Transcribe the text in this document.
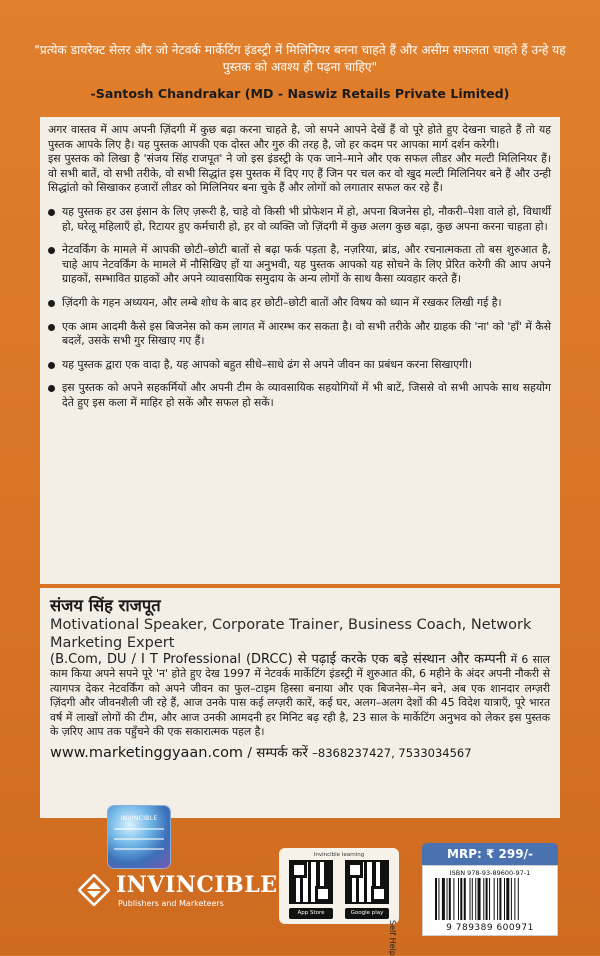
"प्रत्येक डायरेक्ट सेलर और जो नेटवर्क मार्केटिंग इंडस्ट्री में मिलिनियर बनना चाहते हैं और असीम सफलता चाहते हैं उन्हे यह पुस्तक को अवश्य ही पढ़ना चाहिए"
-Santosh Chandrakar (MD - Naswiz Retails Private Limited)

अगर वास्तव में आप अपनी ज़िंदगी में कुछ बढ़ा करना चाहते है, जो सपने आपने देखें हैं वो पूरे होते हुए देखना चाहते हैं तो यह पुस्तक आपके लिए है। यह पुस्तक आपकी एक दोस्त और गुरु की तरह है, जो हर कदम पर आपका मार्ग दर्शन करेगी।

इस पुस्तक को लिखा है 'संजय सिंह राजपूत' ने जो इस इंडस्ट्री के एक जाने–माने और एक सफल लीडर और मल्टी मिलिनियर हैं। वो सभी बातें, वो सभी तरीके, वो सभी सिद्धांत इस पुस्तक में दिए गए हैं जिन पर चल कर वो खुद मल्टी मिलिनियर बने हैं और उन्ही सिद्धांतो को सिखाकर हजारों लीडर को मिलिनियर बना चुके हैं और लोगों को लगातार सफल कर रहे हैं।

यह पुस्तक हर उस इंसान के लिए ज़रूरी है, चाहे वो किसी भी प्रोफेशन में हो, अपना बिजनेस हो, नौकरी–पेशा वाले हो, विधार्थी हो, घरेलू महिलाएँ हो, रिटायर हुए कर्मचारी हो, हर वो व्यक्ति जो ज़िंदगी में कुछ अलग कुछ बढ़ा, कुछ अपना करना चाहता हो।
नेटवर्किंग के मामले में आपकी छोटी–छोटी बातों से बढ़ा फर्क पड़ता है, नज़रिया, ब्रांड, और रचनात्मकता तो बस शुरुआत है, चाहे आप नेटवर्किंग के मामले में नौसिखिए हों या अनुभवी, यह पुस्तक आपको यह सोचने के लिए प्रेरित करेगी की आप अपने ग्राहकों, सम्भावित ग्राहकों और अपने व्यावसायिक समुदाय के अन्य लोगों के साथ कैसा व्यवहार करते हैं।
ज़िंदगी के गहन अध्ययन, और लम्बे शोध के बाद हर छोटी–छोटी बातों और विषय को ध्यान में रखकर लिखी गई है।
एक आम आदमी कैसे इस बिजनेस को कम लागत में आरम्भ कर सकता है। वो सभी तरीके और ग्राहक की 'ना' को 'हाँ' में कैसे बदलें, उसके सभी गुर सिखाए गए हैं।
यह पुस्तक द्वारा एक वादा है, यह आपको बहुत सीधे–साधे ढंग से अपने जीवन का प्रबंधन करना सिखाएगी।
इस पुस्तक को अपने सहकर्मियों और अपनी टीम के व्यावसायिक सहयोगियों में भी बाटें, जिससे वो सभी आपके साथ सहयोग देते हुए इस कला में माहिर हो सकें और सफल हो सकें।
संजय सिंह राजपूत
Motivational Speaker, Corporate Trainer, Business Coach, Network Marketing Expert
(B.Com, DU / I T Professional (DRCC) से पढ़ाई करके एक बड़े संस्थान और कम्पनी में 6 साल काम किया अपने सपने पूरे 'न' होते हुए देख 1997 में नेटवर्क मार्केटिंग इंडस्ट्री में शुरुआत की, 6 महीने के अंदर अपनी नौकरी से त्यागपत्र देकर नेटवर्किंग को अपने जीवन का फुल–टाइम हिस्सा बनाया और एक बिजनेस–मेन बने, अब एक शानदार लग्ज़री ज़िंदगी और जीवनशैली जी रहे हैं, आज उनके पास कई लग्ज़री कारें, कई घर, अलग–अलग देशों की 45 विदेश यात्राएँ, पूरे भारत वर्ष में लाखों लोगों की टीम, और आज उनकी आमदनी हर मिनिट बढ़ रही है, 23 साल के मार्केटिंग अनुभव को लेकर इस पुस्तक के ज़रिए आप तक पहुँचने की एक सकारात्मक पहल है।
www.marketinggyaan.com / सम्पर्क करें –8368237427, 7533034567
INVINCIBLE
INVINCIBLE
Publishers and Marketeers
Invincible learning
App Store	Google play
MRP: ₹ 299/-
ISBN 978-93-89600-97-1
9 789389 600971
Self Help
